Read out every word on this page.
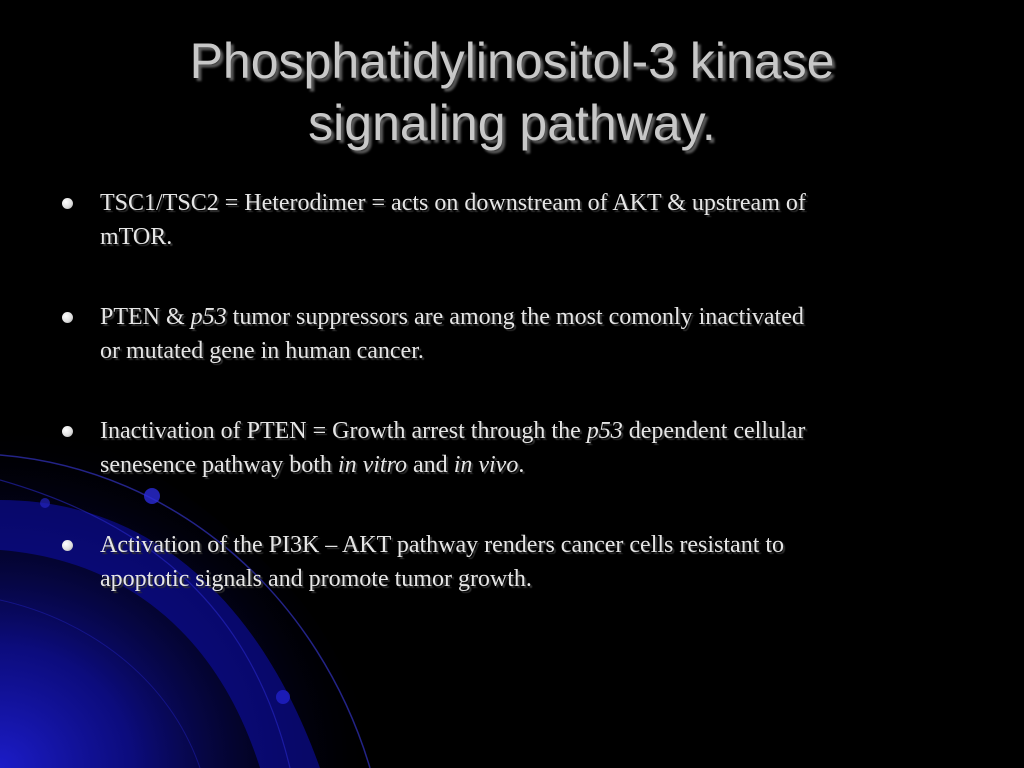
Phosphatidylinositol-3 kinase
signaling pathway.
TSC1/TSC2 = Heterodimer = acts on downstream of AKT & upstream of
mTOR.
PTEN & p53 tumor suppressors are among the most comonly inactivated
or mutated gene in human cancer.
Inactivation of PTEN = Growth arrest through the p53 dependent cellular
senesence pathway both in vitro and in vivo.
Activation of the PI3K – AKT pathway renders cancer cells resistant to
apoptotic signals and promote tumor growth.
